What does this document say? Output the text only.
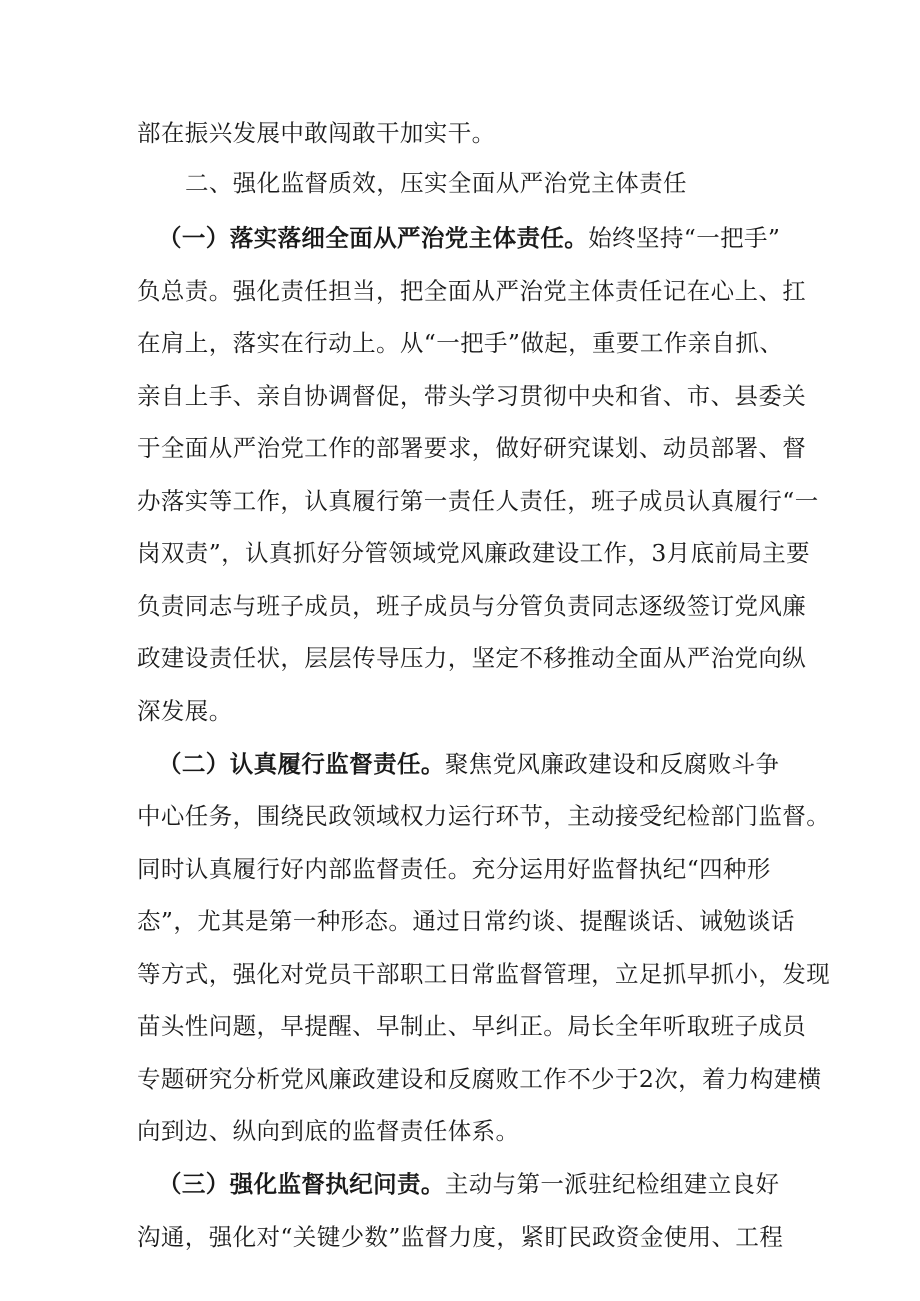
部在振兴发展中敢闯敢干加实干。
二、强化监督质效，压实全面从严治党主体责任
（一）落实落细全面从严治党主体责任。始终坚持“一把手”
负总责。强化责任担当，把全面从严治党主体责任记在心上、扛
在肩上，落实在行动上。从“一把手”做起，重要工作亲自抓、
亲自上手、亲自协调督促，带头学习贯彻中央和省、市、县委关
于全面从严治党工作的部署要求，做好研究谋划、动员部署、督
办落实等工作，认真履行第一责任人责任，班子成员认真履行“一
岗双责”，认真抓好分管领域党风廉政建设工作，3月底前局主要
负责同志与班子成员，班子成员与分管负责同志逐级签订党风廉
政建设责任状，层层传导压力，坚定不移推动全面从严治党向纵
深发展。
（二）认真履行监督责任。聚焦党风廉政建设和反腐败斗争
中心任务，围绕民政领域权力运行环节，主动接受纪检部门监督。
同时认真履行好内部监督责任。充分运用好监督执纪“四种形
态”，尤其是第一种形态。通过日常约谈、提醒谈话、诫勉谈话
等方式，强化对党员干部职工日常监督管理，立足抓早抓小，发现
苗头性问题，早提醒、早制止、早纠正。局长全年听取班子成员
专题研究分析党风廉政建设和反腐败工作不少于2次，着力构建横
向到边、纵向到底的监督责任体系。
（三）强化监督执纪问责。主动与第一派驻纪检组建立良好
沟通，强化对“关键少数”监督力度，紧盯民政资金使用、工程
